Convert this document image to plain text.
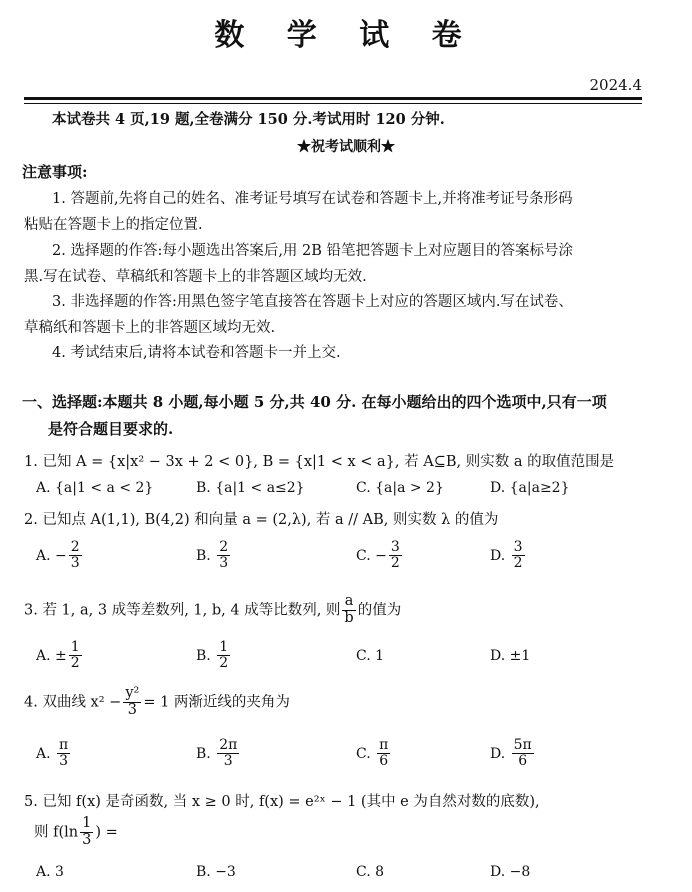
数 学 试 卷
2024.4
本试卷共 4 页,19 题,全卷满分 150 分.考试用时 120 分钟.
★祝考试顺利★
注意事项:
1. 答题前,先将自己的姓名、准考证号填写在试卷和答题卡上,并将准考证号条形码
粘贴在答题卡上的指定位置.
2. 选择题的作答:每小题选出答案后,用 2B 铅笔把答题卡上对应题目的答案标号涂
黑.写在试卷、草稿纸和答题卡上的非答题区域均无效.
3. 非选择题的作答:用黑色签字笔直接答在答题卡上对应的答题区域内.写在试卷、
草稿纸和答题卡上的非答题区域均无效.
4. 考试结束后,请将本试卷和答题卡一并上交.
一、选择题:本题共 8 小题,每小题 5 分,共 40 分. 在每小题给出的四个选项中,只有一项
是符合题目要求的.
1. 已知 A = {x|x² − 3x + 2 < 0}, B = {x|1 < x < a}, 若 A⊆B, 则实数 a 的取值范围是
A. {a|1 < a < 2}	B. {a|1 < a≤2}	C. {a|a > 2}	D. {a|a≥2}
2. 已知点 A(1,1), B(4,2) 和向量 a = (2,λ), 若 a // AB, 则实数 λ 的值为
A. − $\frac{2}{3}$	B. $\frac{2}{3}$	C. − $\frac{3}{2}$	D. $\frac{3}{2}$
3. 若 1, a, 3 成等差数列, 1, b, 4 成等比数列, 则 $\frac{a}{b}$ 的值为
A. ± $\frac{1}{2}$	B. $\frac{1}{2}$	C. 1	D. ±1
4. 双曲线 $x^2 - \frac{\text{y²}}{3} = 1$ 两渐近线的夹角为
A. $\frac{\pi}{3}$	B. $\frac{2\pi}{3}$	C. $\frac{\pi}{6}$	D. $\frac{5\pi}{6}$
5. 已知 f(x) 是奇函数, 当 x ≥ 0 时, f(x) = e²ˣ − 1 (其中 e 为自然对数的底数),
则 $f(\ln \frac{1}{3}$ ) =
A. 3	B. −3	C. 8	D. −8
